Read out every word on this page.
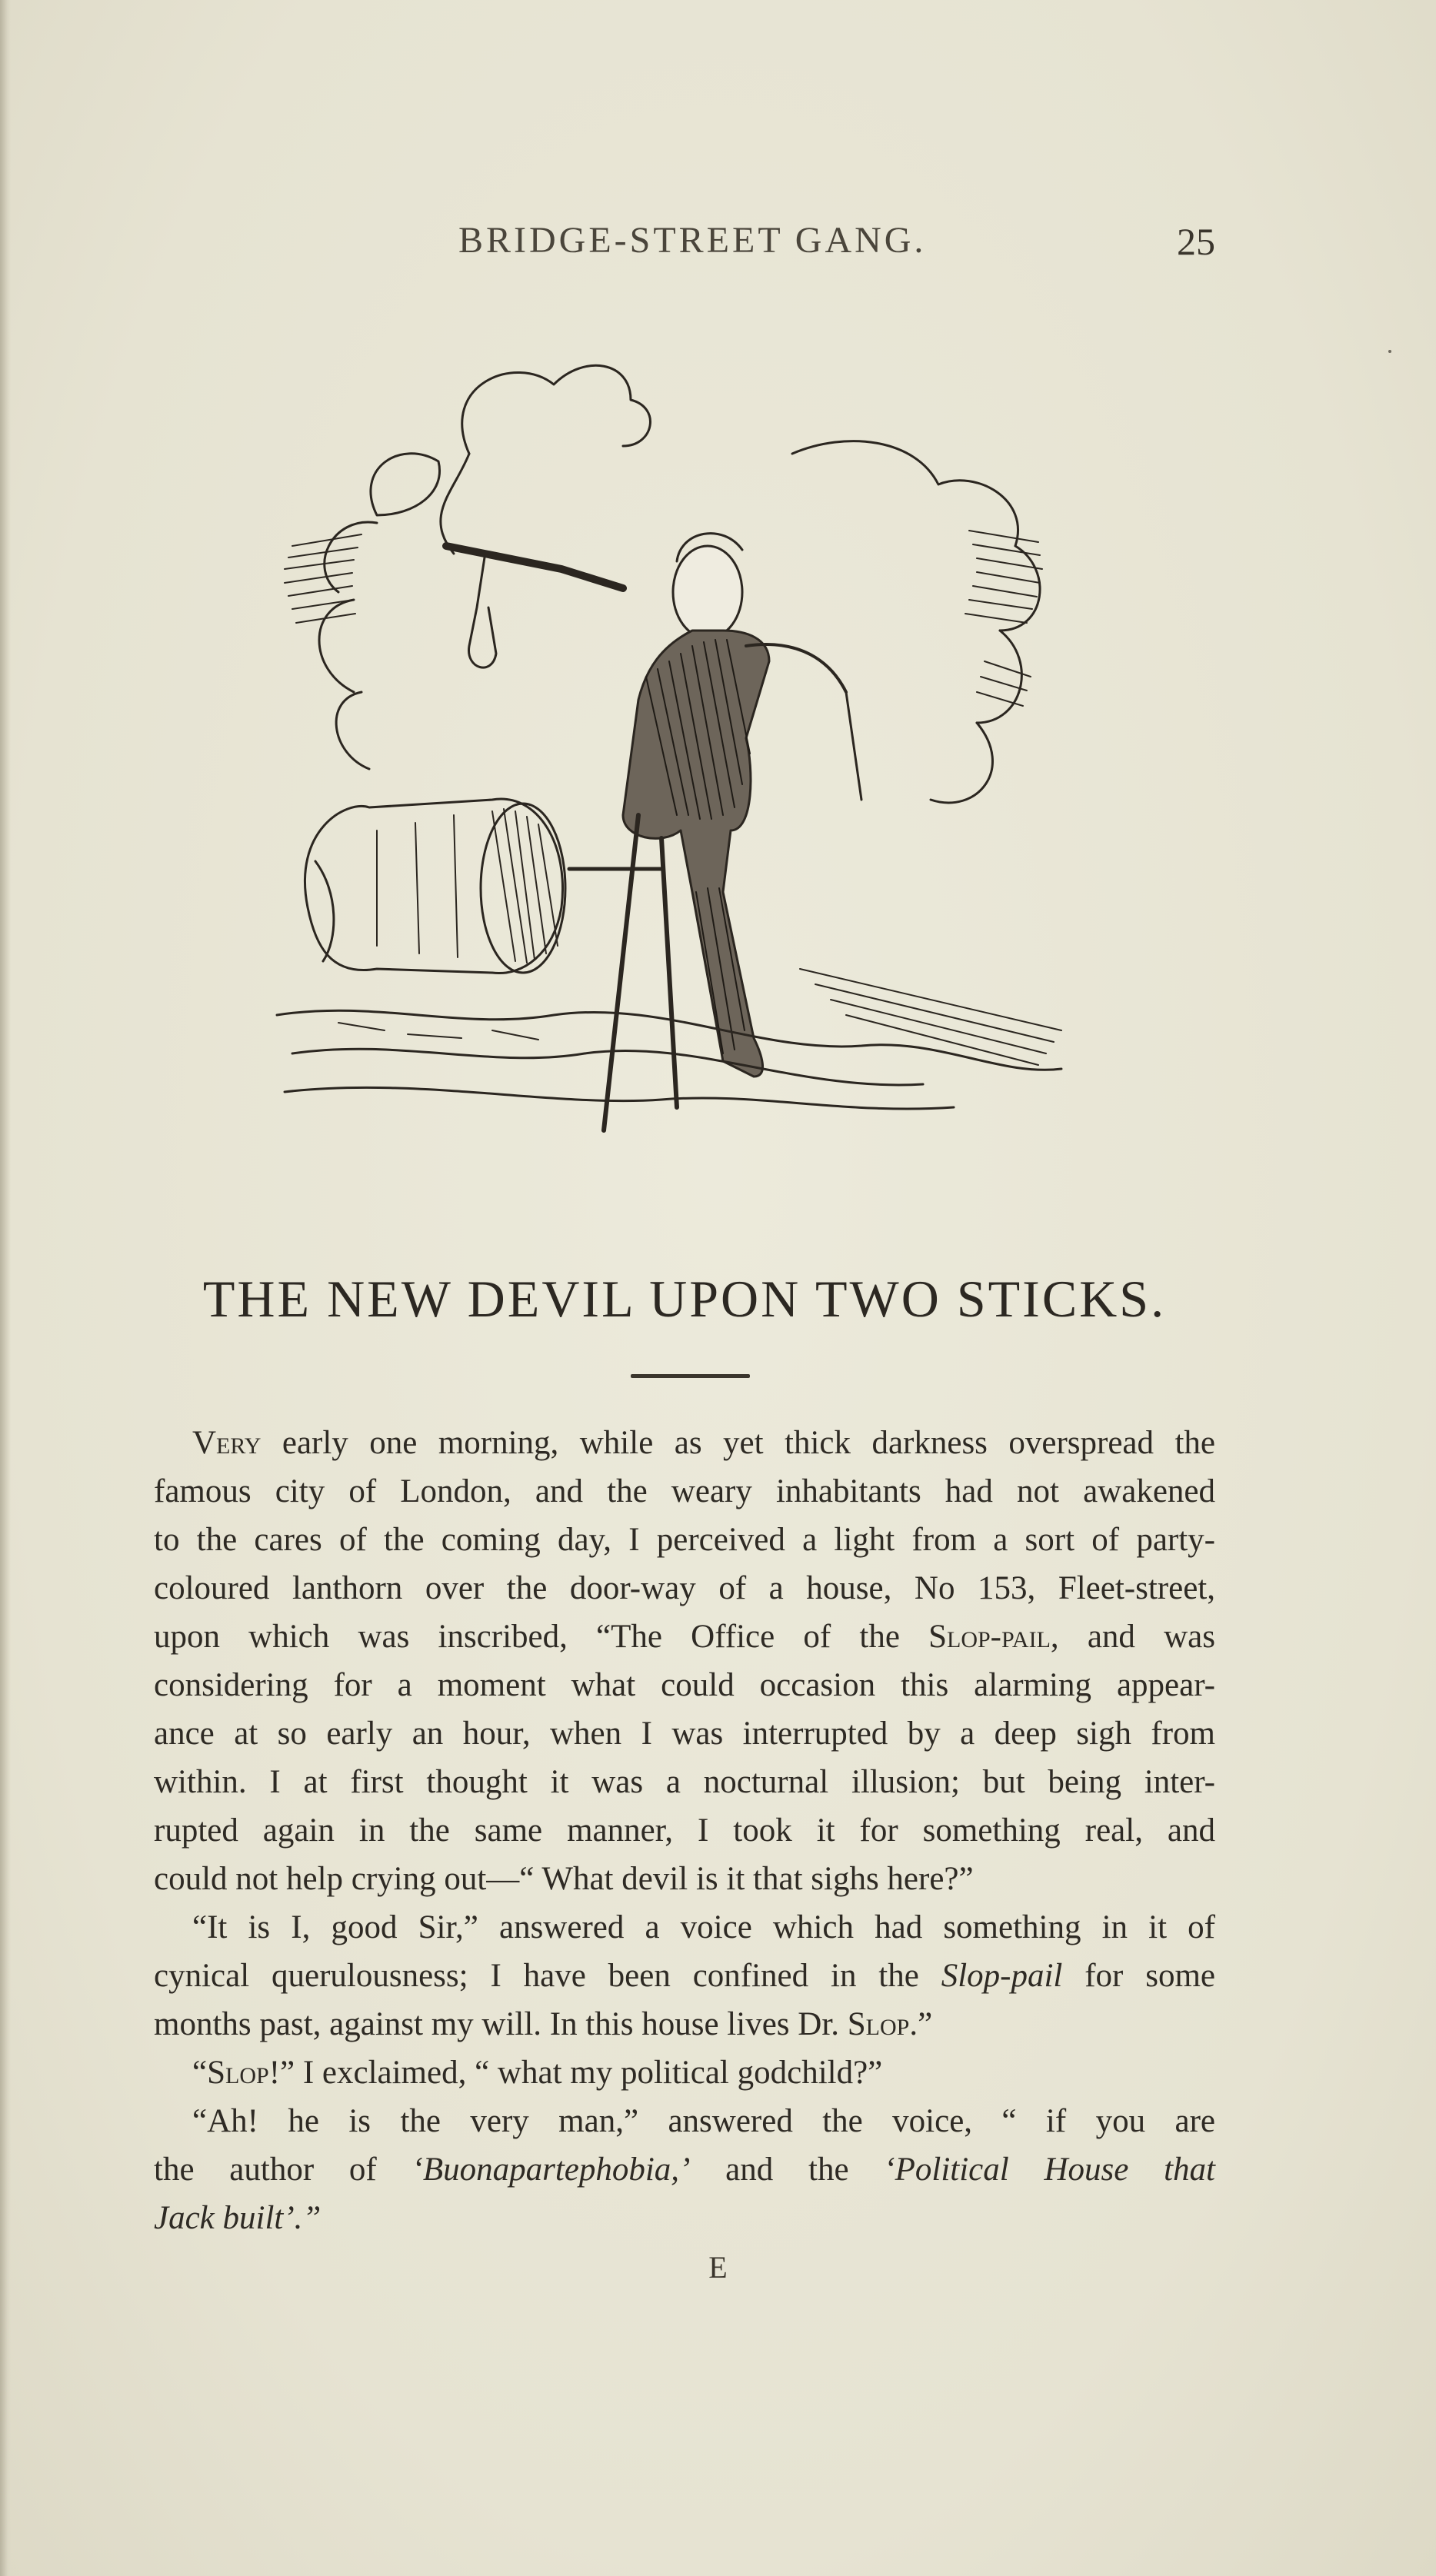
BRIDGE-STREET GANG.	25
THE NEW DEVIL UPON TWO STICKS.
Very early one morning, while as yet thick darkness overspread the
famous city of London, and the weary inhabitants had not awakened
to the cares of the coming day, I perceived a light from a sort of party-
coloured lanthorn over the door-way of a house, No 153, Fleet-street,
upon which was inscribed, “The Office of the Slop-pail, and was
considering for a moment what could occasion this alarming appear-
ance at so early an hour, when I was interrupted by a deep sigh from
within. I at first thought it was a nocturnal illusion; but being inter-
rupted again in the same manner, I took it for something real, and
could not help crying out—“ What devil is it that sighs here?”
“It is I, good Sir,” answered a voice which had something in it of
cynical querulousness; I have been confined in the Slop-pail for some
months past, against my will. In this house lives Dr. Slop.”
“Slop!” I exclaimed, “ what my political godchild?”
“Ah! he is the very man,” answered the voice, “ if you are
the author of ‘Buonapartephobia,’ and the ‘Political House that
Jack built’.”
E
